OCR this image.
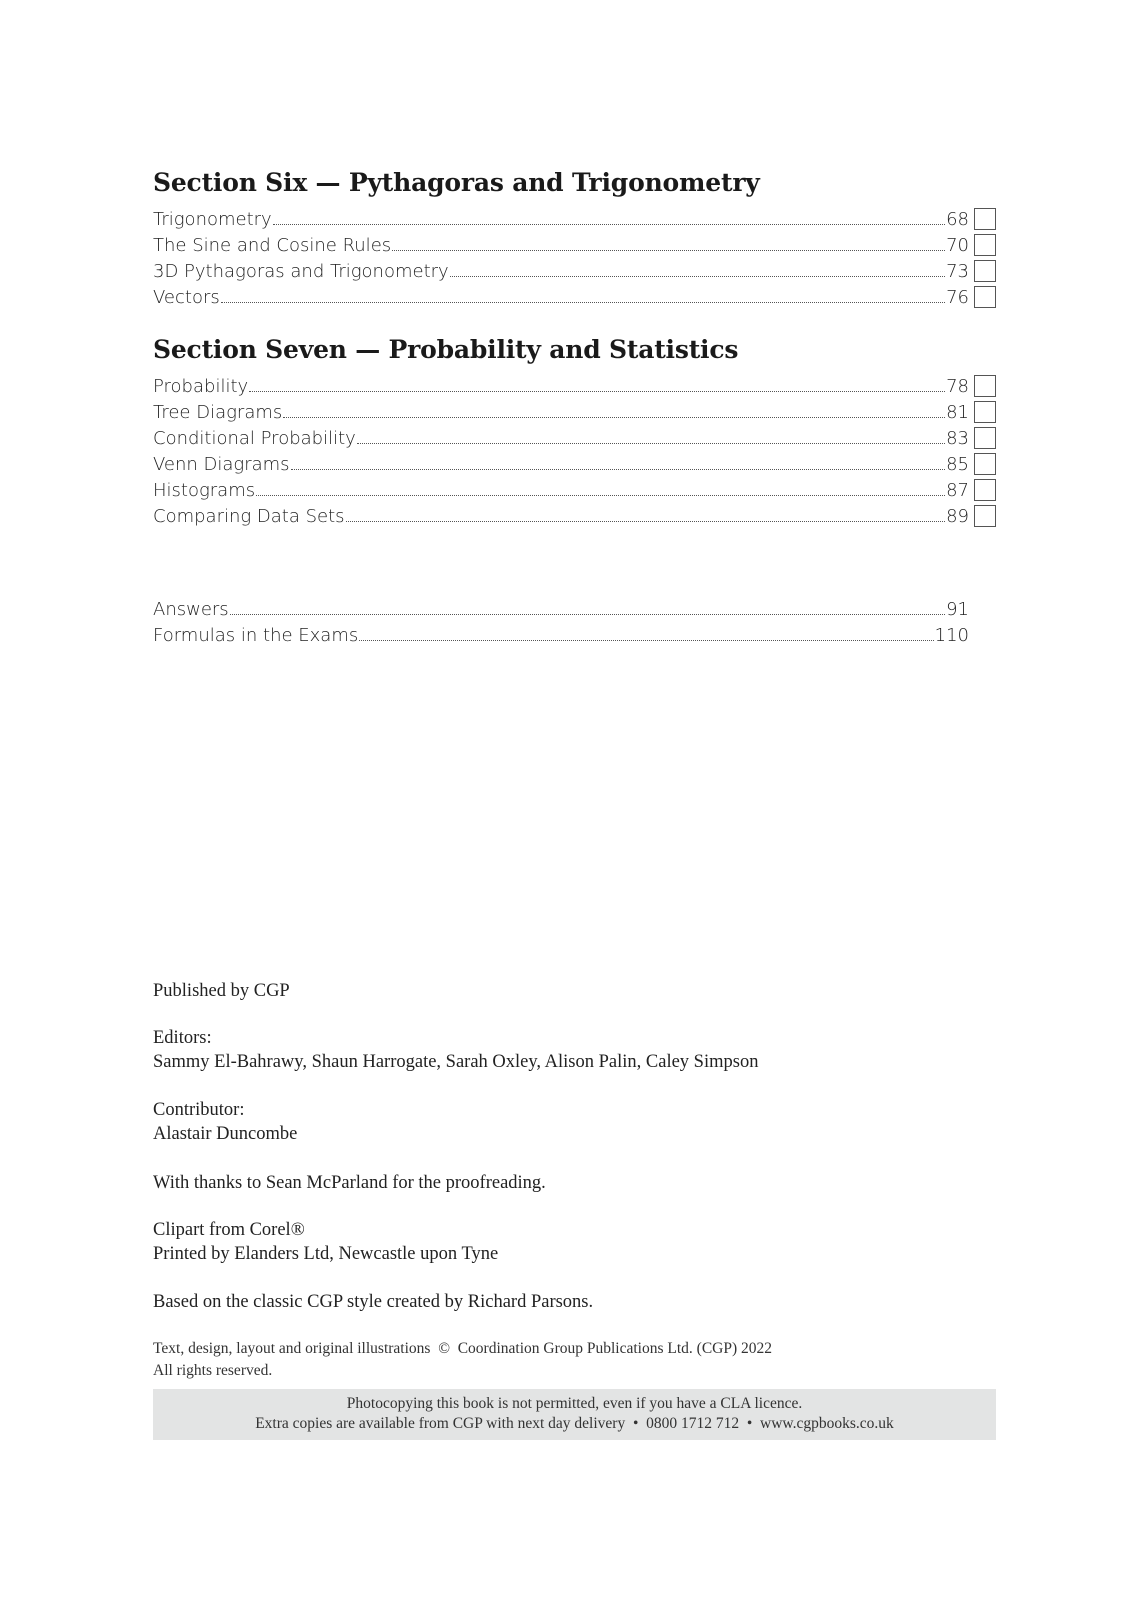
Section Six — Pythagoras and Trigonometry
Trigonometry	68
The Sine and Cosine Rules	70
3D Pythagoras and Trigonometry	73
Vectors	76
Section Seven — Probability and Statistics
Probability	78
Tree Diagrams	81
Conditional Probability	83
Venn Diagrams	85
Histograms	87
Comparing Data Sets	89
Answers	91
Formulas in the Exams	110
Published by CGP
Editors:
Sammy El-Bahrawy, Shaun Harrogate, Sarah Oxley, Alison Palin, Caley Simpson
Contributor:
Alastair Duncombe
With thanks to Sean McParland for the proofreading.
Clipart from Corel®
Printed by Elanders Ltd, Newcastle upon Tyne
Based on the classic CGP style created by Richard Parsons.
Text, design, layout and original illustrations  ©  Coordination Group Publications Ltd. (CGP) 2022
All rights reserved.
Photocopying this book is not permitted, even if you have a CLA licence.
Extra copies are available from CGP with next day delivery  •  0800 1712 712  •  www.cgpbooks.co.uk
